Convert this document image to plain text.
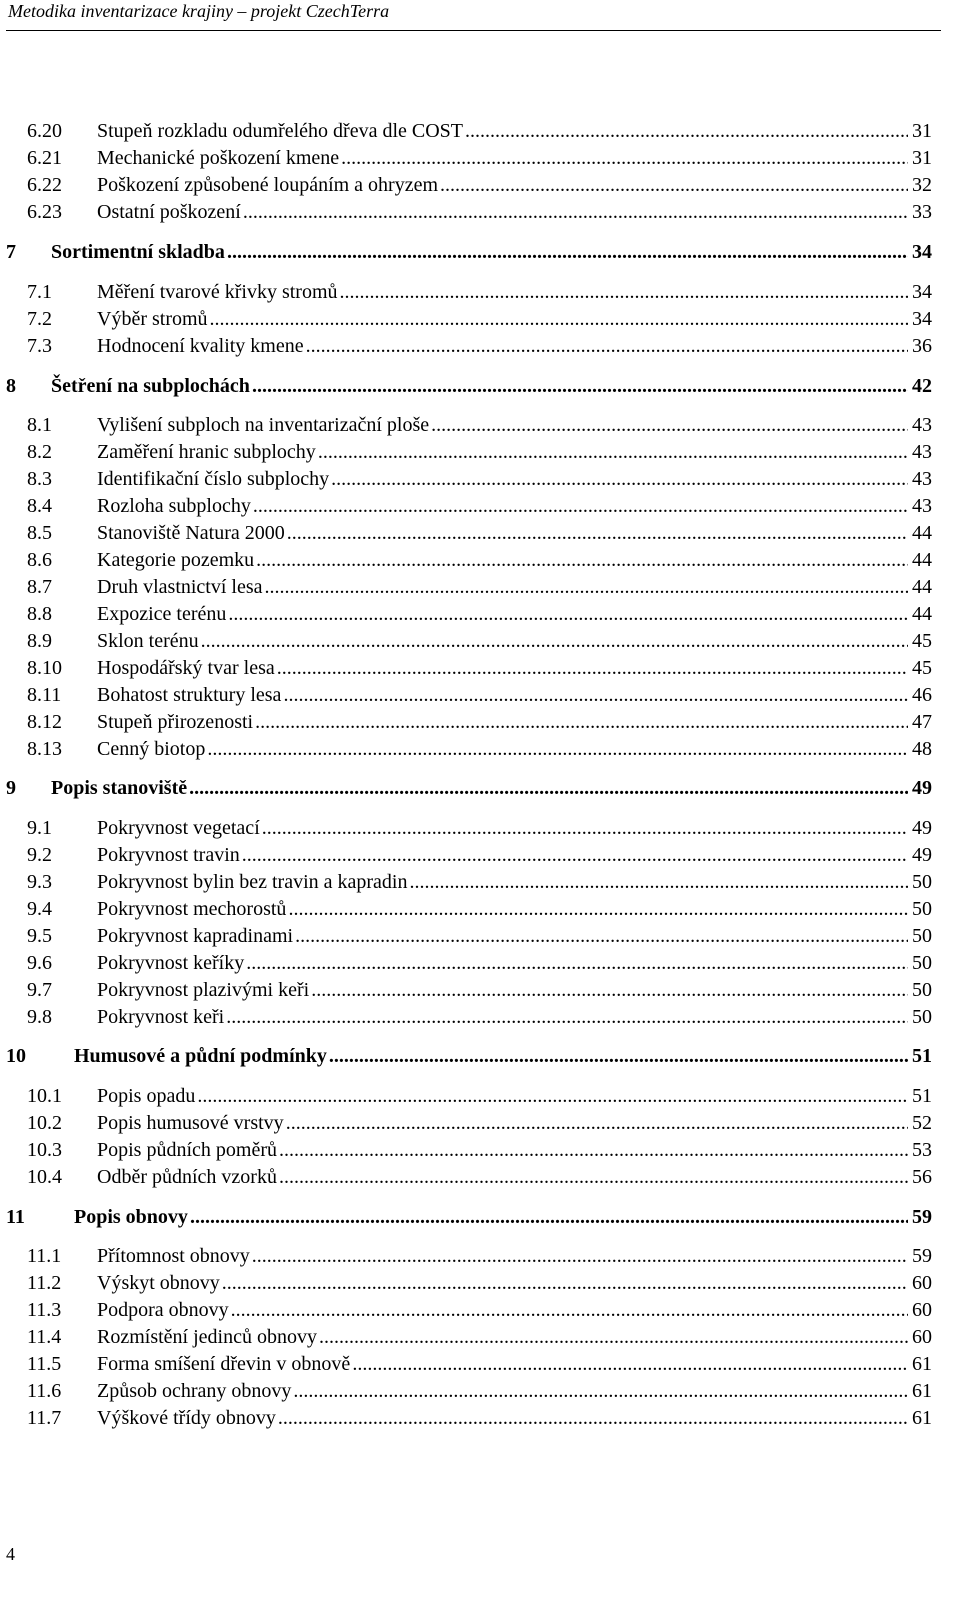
Metodika inventarizace krajiny – projekt CzechTerra
6.20 Stupeň rozkladu odumřelého dřeva dle COST .....	31
6.21 Mechanické poškození kmene .....	31
6.22 Poškození způsobené loupáním a ohryzem .....	32
6.23 Ostatní poškození .....	33
7 Sortimentní skladba .....	34
7.1 Měření tvarové křivky stromů .....	34
7.2 Výběr stromů .....	34
7.3 Hodnocení kvality kmene .....	36
8 Šetření na subplochách .....	42
8.1 Vylišení subploch na inventarizační ploše .....	43
8.2 Zaměření hranic subplochy .....	43
8.3 Identifikační číslo subplochy .....	43
8.4 Rozloha subplochy .....	43
8.5 Stanoviště Natura 2000 .....	44
8.6 Kategorie pozemku .....	44
8.7 Druh vlastnictví lesa .....	44
8.8 Expozice terénu .....	44
8.9 Sklon terénu .....	45
8.10 Hospodářský tvar lesa .....	45
8.11 Bohatost struktury lesa .....	46
8.12 Stupeň přirozenosti .....	47
8.13 Cenný biotop .....	48
9 Popis stanoviště .....	49
9.1 Pokryvnost vegetací .....	49
9.2 Pokryvnost travin .....	49
9.3 Pokryvnost bylin bez travin a kapradin .....	50
9.4 Pokryvnost mechorostů .....	50
9.5 Pokryvnost kapradinami .....	50
9.6 Pokryvnost keříky .....	50
9.7 Pokryvnost plazivými keři .....	50
9.8 Pokryvnost keři .....	50
10 Humusové a půdní podmínky .....	51
10.1 Popis opadu .....	51
10.2 Popis humusové vrstvy .....	52
10.3 Popis půdních poměrů .....	53
10.4 Odběr půdních vzorků .....	56
11 Popis obnovy .....	59
11.1 Přítomnost obnovy .....	59
11.2 Výskyt obnovy .....	60
11.3 Podpora obnovy .....	60
11.4 Rozmístění jedinců obnovy .....	60
11.5 Forma smíšení dřevin v obnově .....	61
11.6 Způsob ochrany obnovy .....	61
11.7 Výškové třídy obnovy .....	61
4
